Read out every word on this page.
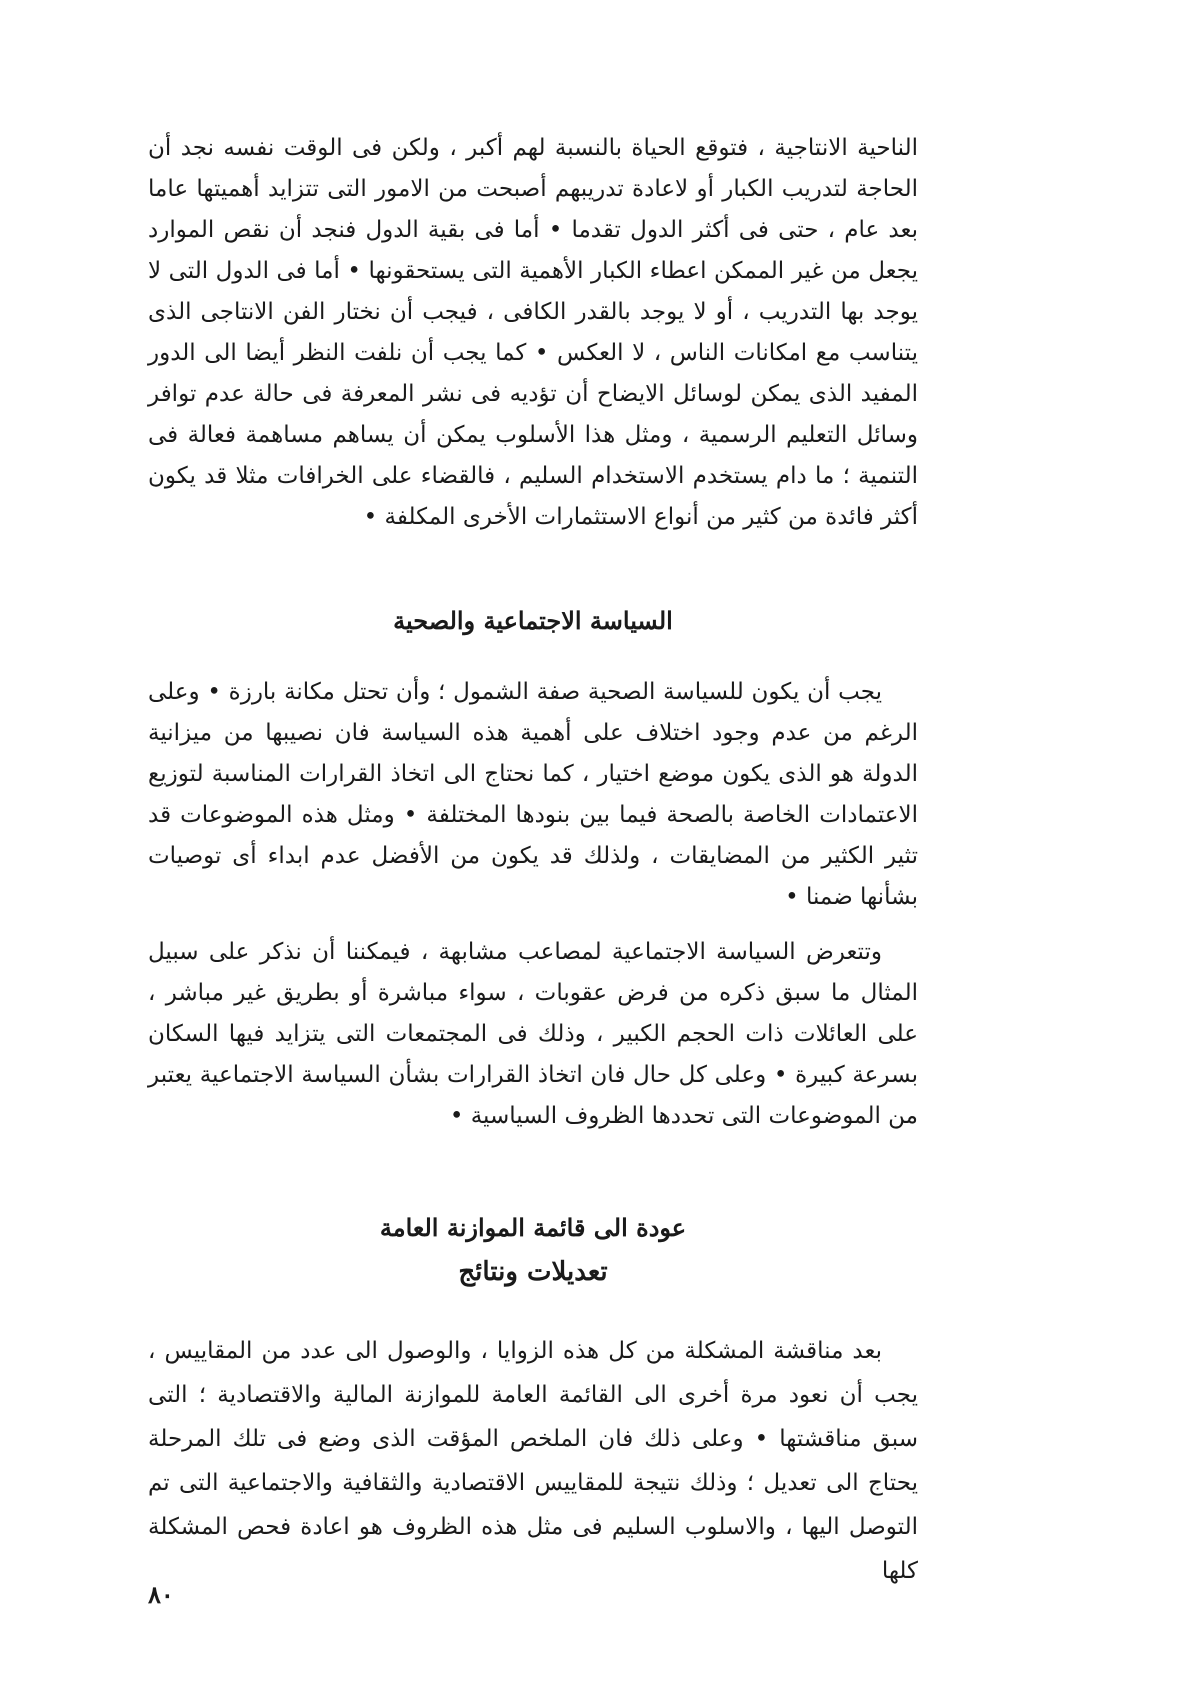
الناحية الانتاجية ، فتوقع الحياة بالنسبة لهم أكبر ، ولكن فى الوقت نفسه نجد أن الحاجة لتدريب الكبار أو لاعادة تدريبهم أصبحت من الامور التى تتزايد أهميتها عاما بعد عام ، حتى فى أكثر الدول تقدما • أما فى بقية الدول فنجد أن نقص الموارد يجعل من غير الممكن اعطاء الكبار الأهمية التى يستحقونها • أما فى الدول التى لا يوجد بها التدريب ، أو لا يوجد بالقدر الكافى ، فيجب أن نختار الفن الانتاجى الذى يتناسب مع امكانات الناس ، لا العكس • كما يجب أن نلفت النظر أيضا الى الدور المفيد الذى يمكن لوسائل الايضاح أن تؤديه فى نشر المعرفة فى حالة عدم توافر وسائل التعليم الرسمية ، ومثل هذا الأسلوب يمكن أن يساهم مساهمة فعالة فى التنمية ؛ ما دام يستخدم الاستخدام السليم ، فالقضاء على الخرافات مثلا قد يكون أكثر فائدة من كثير من أنواع الاستثمارات الأخرى المكلفة •

السياسة الاجتماعية والصحية

يجب أن يكون للسياسة الصحية صفة الشمول ؛ وأن تحتل مكانة بارزة • وعلى الرغم من عدم وجود اختلاف على أهمية هذه السياسة فان نصيبها من ميزانية الدولة هو الذى يكون موضع اختيار ، كما نحتاج الى اتخاذ القرارات المناسبة لتوزيع الاعتمادات الخاصة بالصحة فيما بين بنودها المختلفة • ومثل هذه الموضوعات قد تثير الكثير من المضايقات ، ولذلك قد يكون من الأفضل عدم ابداء أى توصيات بشأنها ضمنا •

وتتعرض السياسة الاجتماعية لمصاعب مشابهة ، فيمكننا أن نذكر على سبيل المثال ما سبق ذكره من فرض عقوبات ، سواء مباشرة أو بطريق غير مباشر ، على العائلات ذات الحجم الكبير ، وذلك فى المجتمعات التى يتزايد فيها السكان بسرعة كبيرة • وعلى كل حال فان اتخاذ القرارات بشأن السياسة الاجتماعية يعتبر من الموضوعات التى تحددها الظروف السياسية •

عودة الى قائمة الموازنة العامة
تعديلات ونتائج

بعد مناقشة المشكلة من كل هذه الزوايا ، والوصول الى عدد من المقاييس ، يجب أن نعود مرة أخرى الى القائمة العامة للموازنة المالية والاقتصادية ؛ التى سبق مناقشتها • وعلى ذلك فان الملخص المؤقت الذى وضع فى تلك المرحلة يحتاج الى تعديل ؛ وذلك نتيجة للمقاييس الاقتصادية والثقافية والاجتماعية التى تم التوصل اليها ، والاسلوب السليم فى مثل هذه الظروف هو اعادة فحص المشكلة كلها

٨٠
